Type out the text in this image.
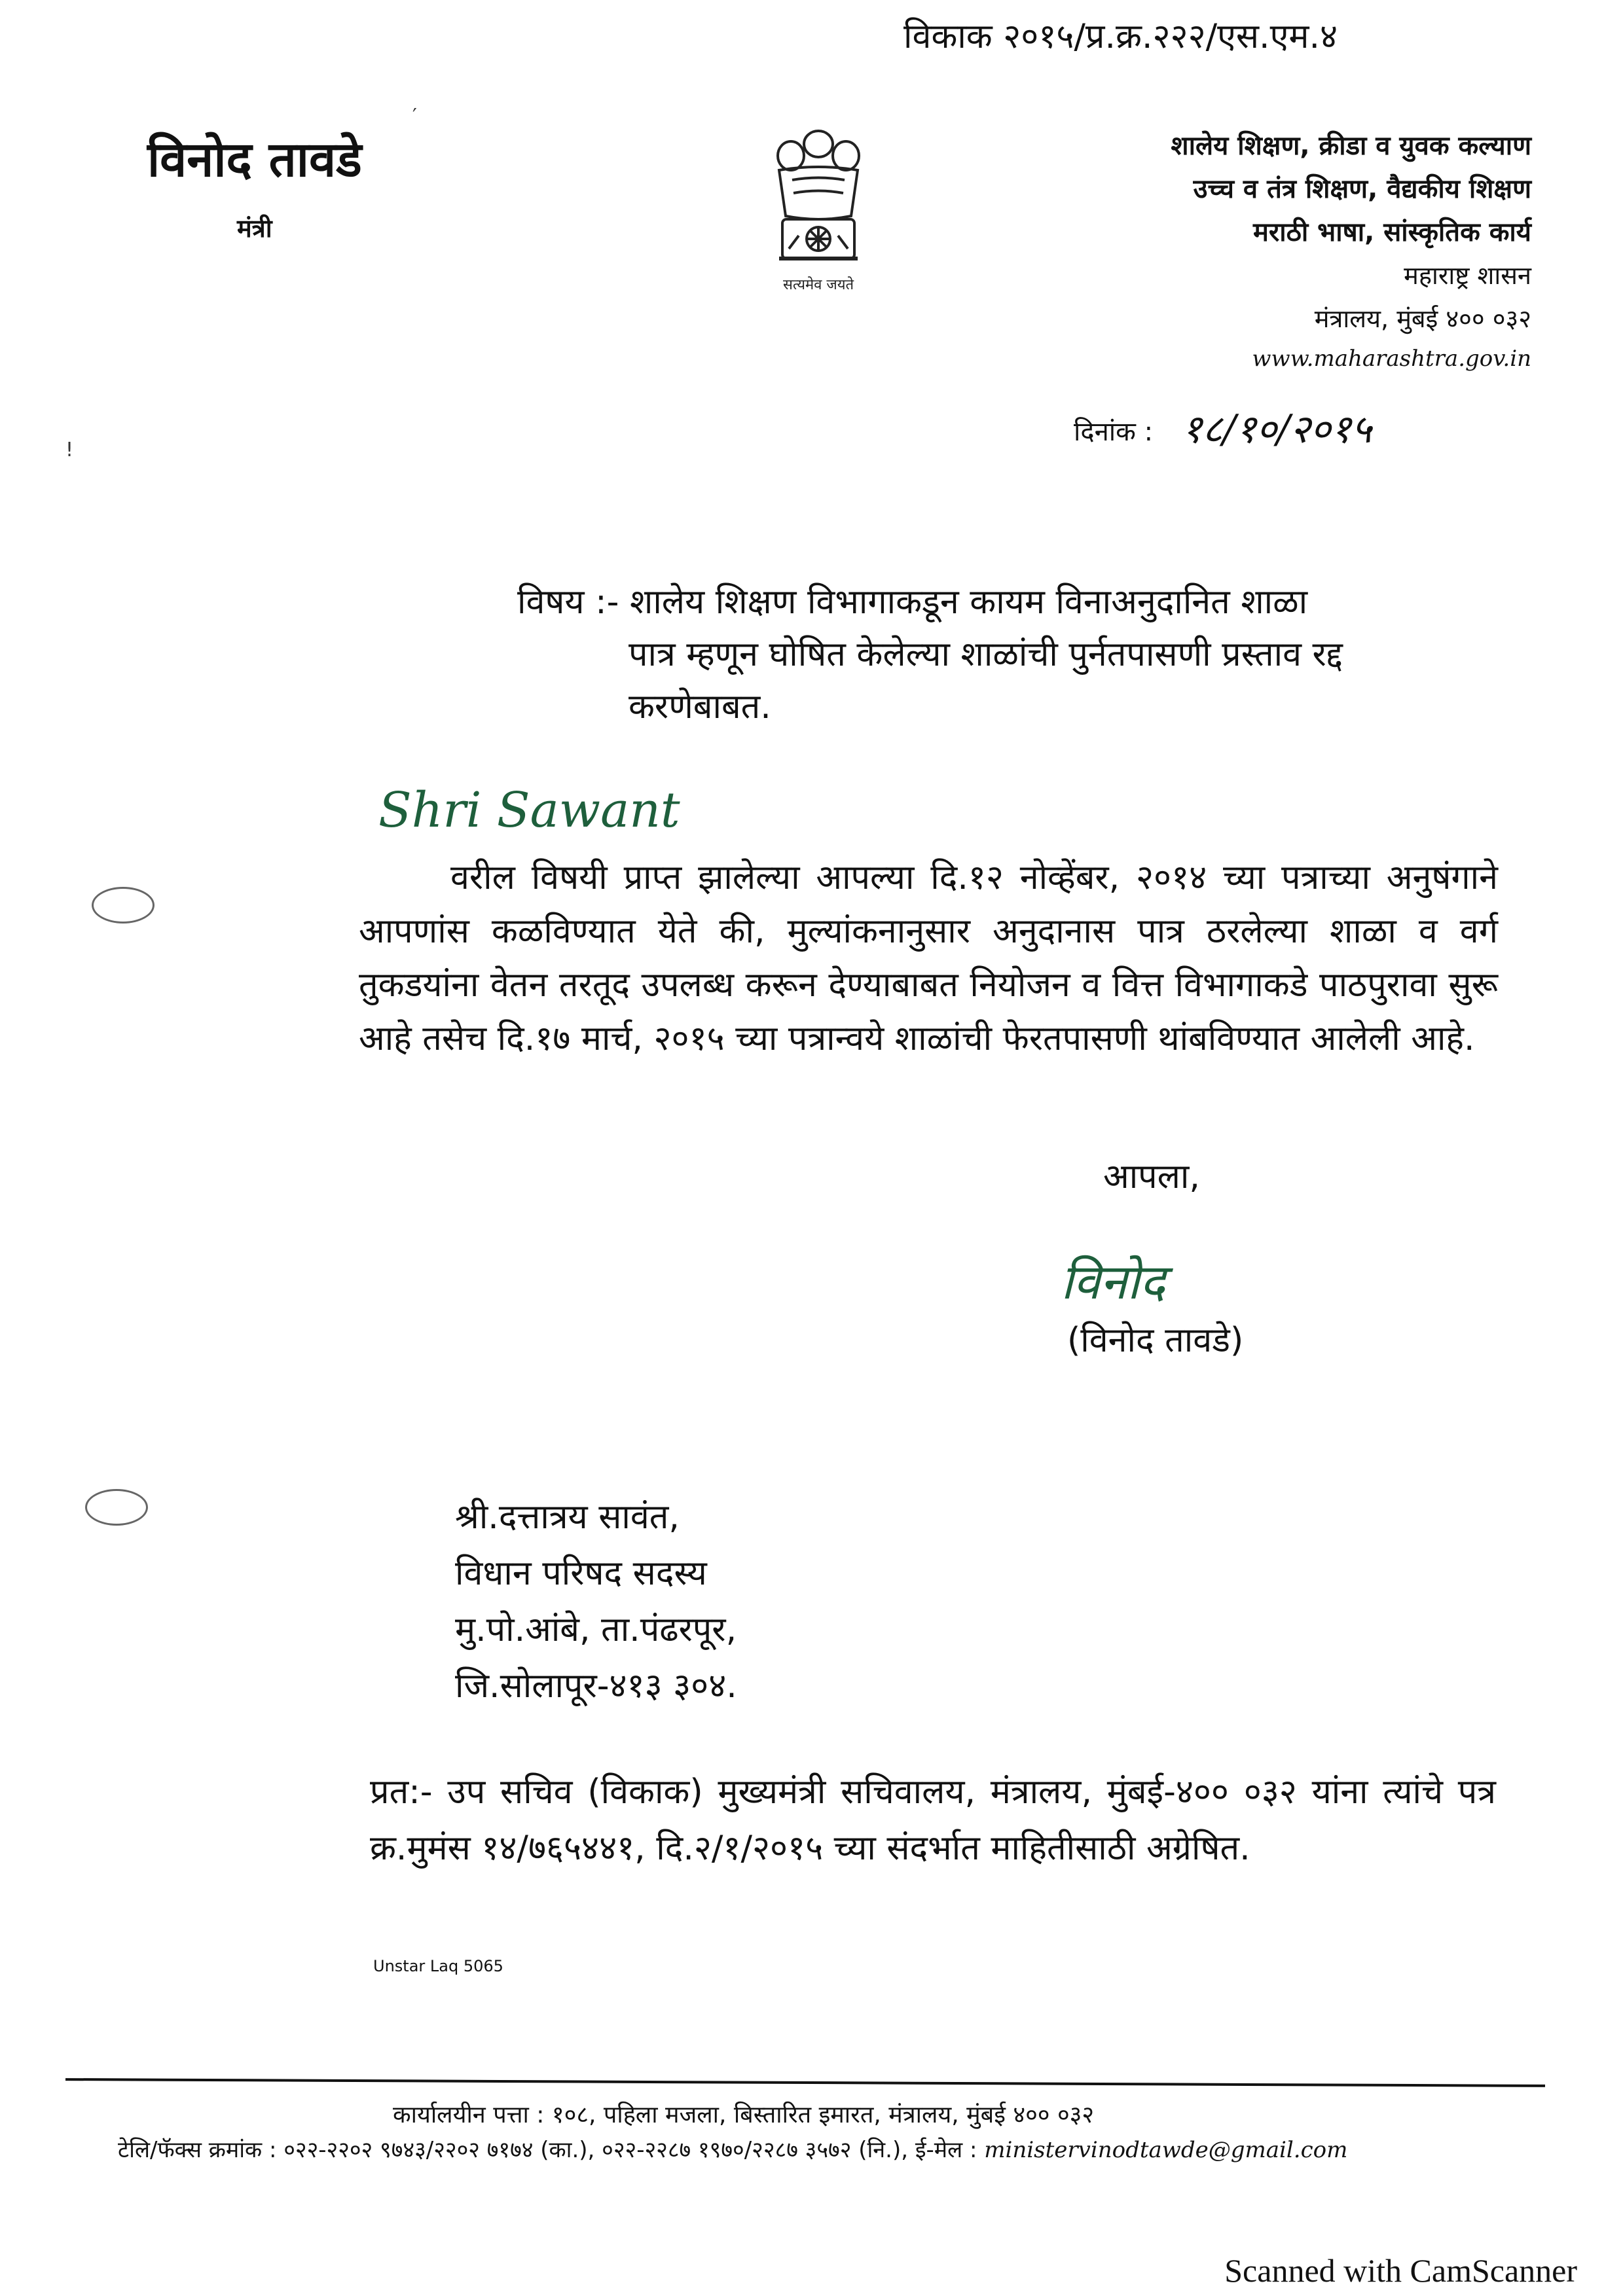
विकाक २०१५/प्र.क्र.२२२/एस.एम.४
विनोद तावडे
मंत्री
सत्यमेव जयते
शालेय शिक्षण, क्रीडा व युवक कल्याण
उच्च व तंत्र शिक्षण, वैद्यकीय शिक्षण
मराठी भाषा, सांस्कृतिक कार्य
महाराष्ट्र शासन
मंत्रालय, मुंबई ४०० ०३२
www.maharashtra.gov.in
दिनांक : १८/१०/२०१५
विषय :- शालेय शिक्षण विभागाकडून कायम विनाअनुदानित शाळा
पात्र म्हणून घोषित केलेल्या शाळांची पुर्नतपासणी प्रस्ताव रद्द
करणेबाबत.
Shri Sawant
वरील विषयी प्राप्त झालेल्या आपल्या दि.१२ नोव्हेंबर, २०१४ च्या पत्राच्या अनुषंगाने आपणांस कळविण्यात येते की, मुल्यांकनानुसार अनुदानास पात्र ठरलेल्या शाळा व वर्ग तुकडयांना वेतन तरतूद उपलब्ध करून देण्याबाबत नियोजन व वित्त विभागाकडे पाठपुरावा सुरू आहे तसेच दि.१७ मार्च, २०१५ च्या पत्रान्वये शाळांची फेरतपासणी थांबविण्यात आलेली आहे.
आपला,
विनोद
(विनोद तावडे)
श्री.दत्तात्रय सावंत,
विधान परिषद सदस्य
मु.पो.आंबे, ता.पंढरपूर,
जि.सोलापूर-४१३ ३०४.
प्रत:- उप सचिव (विकाक) मुख्यमंत्री सचिवालय, मंत्रालय, मुंबई-४०० ०३२ यांना त्यांचे पत्र क्र.मुमंस १४/७६५४४१, दि.२/१/२०१५ च्या संदर्भात माहितीसाठी अग्रेषित.
Unstar Laq 5065
कार्यालयीन पत्ता : १०८, पहिला मजला, बिस्तारित इमारत, मंत्रालय, मुंबई ४०० ०३२
टेलि/फॅक्स क्रमांक : ०२२-२२०२ ९७४३/२२०२ ७१७४ (का.), ०२२-२२८७ १९७०/२२८७ ३५७२ (नि.), ई-मेल : ministervinodtawde@gmail.com
Scanned with CamScanner
′
!
